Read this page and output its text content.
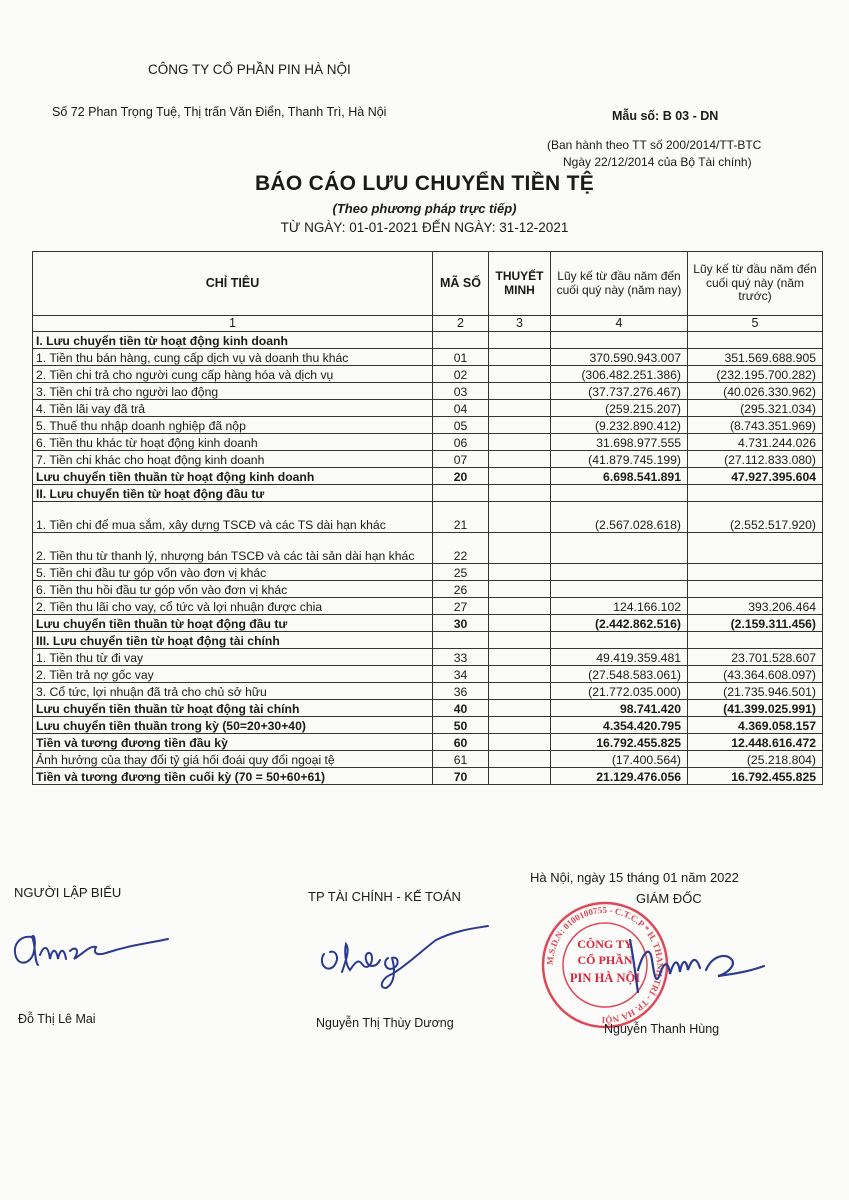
CÔNG TY CỔ PHẦN PIN HÀ NỘI
Số 72 Phan Trọng Tuệ, Thị trấn Văn Điển, Thanh Trì, Hà Nội	Mẫu số: B 03 - DN
(Ban hành theo TT số 200/2014/TT-BTC
Ngày 22/12/2014 của Bộ Tài chính)
BÁO CÁO LƯU CHUYỂN TIỀN TỆ
(Theo phương pháp trực tiếp)
TỪ NGÀY: 01-01-2021 ĐẾN NGÀY: 31-12-2021
CHỈ TIÊU	MÃ SỐ	THUYẾT MINH	Lũy kế từ đầu năm đến cuối quý này (năm nay)	Lũy kế từ đầu năm đến cuối quý này (năm trước)
1	2	3	4	5
I. Lưu chuyển tiền từ hoạt động kinh doanh				
1. Tiền thu bán hàng, cung cấp dịch vụ và doanh thu khác	01		370.590.943.007	351.569.688.905
2. Tiền chi trả cho người cung cấp hàng hóa và dịch vụ	02		(306.482.251.386)	(232.195.700.282)
3. Tiền chi trả cho người lao động	03		(37.737.276.467)	(40.026.330.962)
4. Tiền lãi vay đã trả	04		(259.215.207)	(295.321.034)
5. Thuế thu nhập doanh nghiệp đã nộp	05		(9.232.890.412)	(8.743.351.969)
6. Tiền thu khác từ hoạt động kinh doanh	06		31.698.977.555	4.731.244.026
7. Tiền chi khác cho hoạt động kinh doanh	07		(41.879.745.199)	(27.112.833.080)
Lưu chuyển tiền thuần từ hoạt động kinh doanh	20		6.698.541.891	47.927.395.604
II. Lưu chuyển tiền từ hoạt động đầu tư				
1. Tiền chi để mua sắm, xây dựng TSCĐ và các TS dài hạn khác	21		(2.567.028.618)	(2.552.517.920)
2. Tiền thu từ thanh lý, nhượng bán TSCĐ và các tài sản dài hạn khác	22			
5. Tiền chi đầu tư góp vốn vào đơn vị khác	25			
6. Tiền thu hồi đầu tư góp vốn vào đơn vị khác	26			
2. Tiền thu lãi cho vay, cổ tức và lợi nhuận được chia	27		124.166.102	393.206.464
Lưu chuyển tiền thuần từ hoạt động đầu tư	30		(2.442.862.516)	(2.159.311.456)
III. Lưu chuyển tiền từ hoạt động tài chính				
1. Tiền thu từ đi vay	33		49.419.359.481	23.701.528.607
2. Tiền trả nợ gốc vay	34		(27.548.583.061)	(43.364.608.097)
3. Cổ tức, lợi nhuận đã trả cho chủ sở hữu	36		(21.772.035.000)	(21.735.946.501)
Lưu chuyển tiền thuần từ hoạt động tài chính	40		98.741.420	(41.399.025.991)
Lưu chuyển tiền thuần trong kỳ (50=20+30+40)	50		4.354.420.795	4.369.058.157
Tiền và tương đương tiền đầu kỳ	60		16.792.455.825	12.448.616.472
Ảnh hưởng của thay đổi tỷ giá hối đoái quy đổi ngoại tệ	61		(17.400.564)	(25.218.804)
Tiền và tương đương tiền cuối kỳ (70 = 50+60+61)	70		21.129.476.056	16.792.455.825
Hà Nội, ngày 15 tháng 01 năm 2022
NGƯỜI LẬP BIỂU	TP TÀI CHÍNH - KẾ TOÁN	GIÁM ĐỐC
M.S.D.N: 0100100755 - C.T.C.P * H. THANH TRÌ - TP. HÀ NỘI
CÔNG TY
CỔ PHẦN
PIN HÀ NỘI
Đỗ Thị Lê Mai	Nguyễn Thị Thùy Dương	Nguyễn Thanh Hùng
